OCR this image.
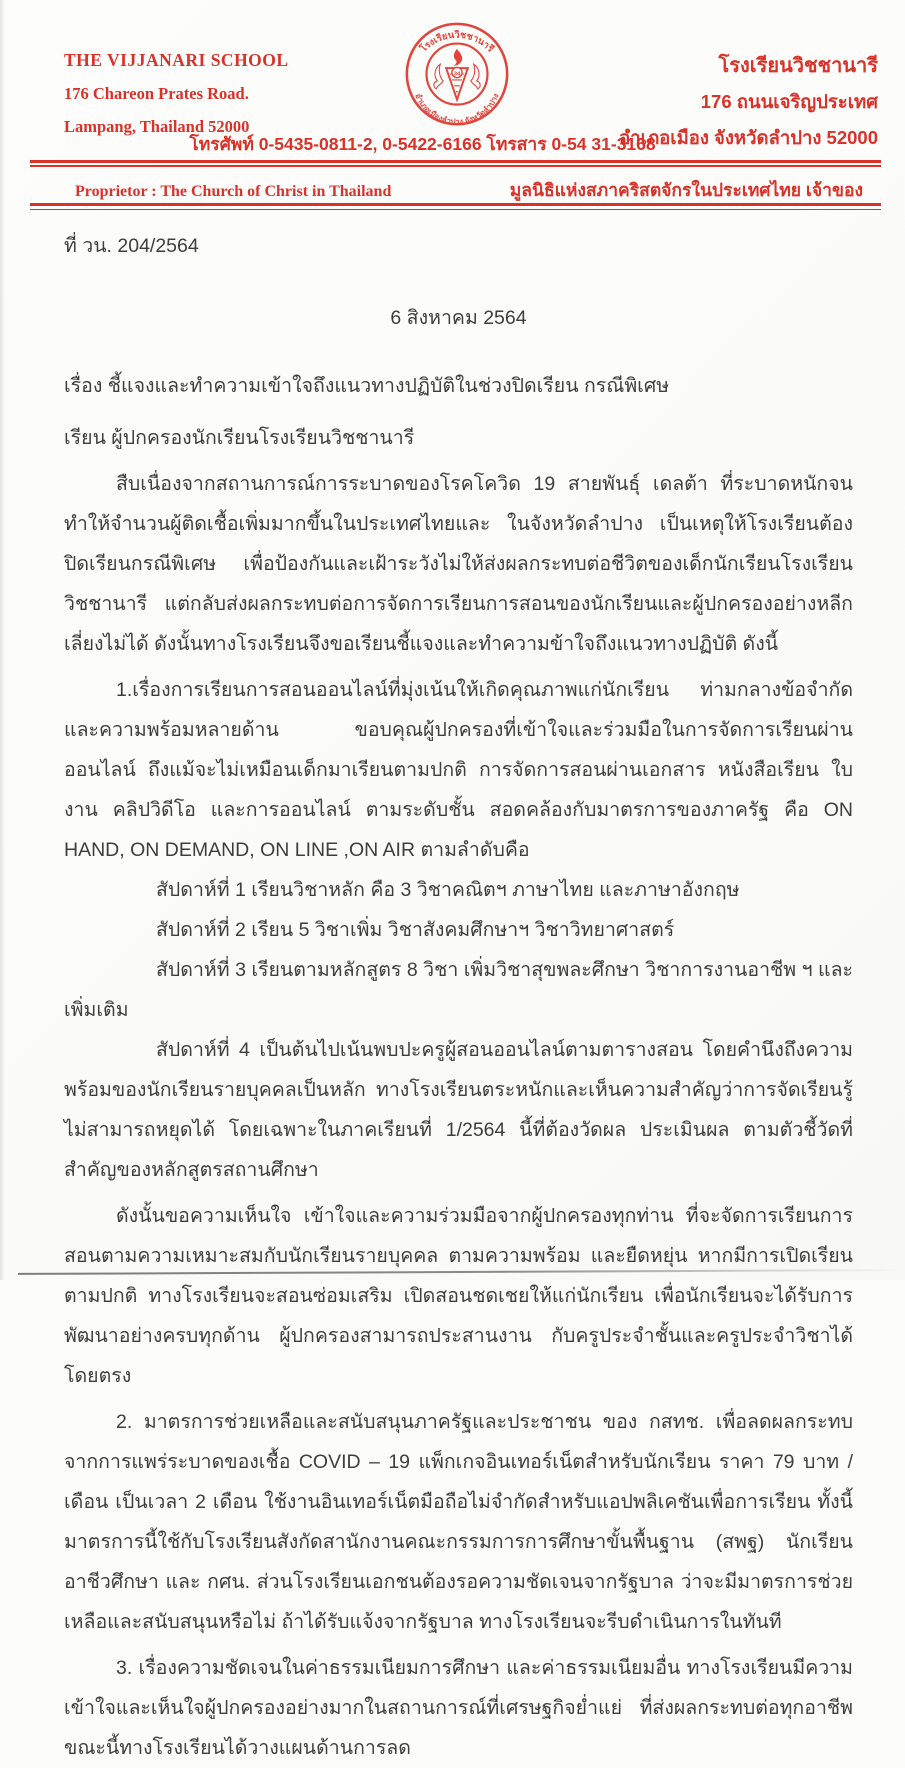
THE VIJJANARI SCHOOL
176 Chareon Prates Road.
Lampang, Thailand 52000
34
โรงเรียนวิชชานารี
อำเภอเมืองลำปาง จังหวัดลำปาง
โรงเรียนวิชชานารี
176 ถนนเจริญประเทศ
อำเภอเมือง จังหวัดลำปาง 52000
โทรศัพท์ 0-5435-0811-2, 0-5422-6166 โทรสาร 0-54 31-3168
Proprietor : The Church of Christ in Thailand	มูลนิธิแห่งสภาคริสตจักรในประเทศไทย เจ้าของ

ที่ วน. 204/2564

6 สิงหาคม 2564

เรื่อง ชี้แจงและทำความเข้าใจถึงแนวทางปฏิบัติในช่วงปิดเรียน กรณีพิเศษ

เรียน ผู้ปกครองนักเรียนโรงเรียนวิชชานารี

สืบเนื่องจากสถานการณ์การระบาดของโรคโควิด 19 สายพันธุ์ เดลต้า ที่ระบาดหนักจนทำให้จำนวนผู้ติดเชื้อเพิ่มมากขึ้นในประเทศไทยและ ในจังหวัดลำปาง เป็นเหตุให้โรงเรียนต้องปิดเรียนกรณีพิเศษ เพื่อป้องกันและเฝ้าระวังไม่ให้ส่งผลกระทบต่อชีวิตของเด็กนักเรียนโรงเรียนวิชชานารี แต่กลับส่งผลกระทบต่อการจัดการเรียนการสอนของนักเรียนและผู้ปกครองอย่างหลีกเลี่ยงไม่ได้ ดังนั้นทางโรงเรียนจึงขอเรียนชี้แจงและทำความข้าใจถึงแนวทางปฏิบัติ ดังนี้

1.เรื่องการเรียนการสอนออนไลน์ที่มุ่งเน้นให้เกิดคุณภาพแก่นักเรียน ท่ามกลางข้อจำกัด และความพร้อมหลายด้าน ขอบคุณผู้ปกครองที่เข้าใจและร่วมมือในการจัดการเรียนผ่านออนไลน์ ถึงแม้จะไม่เหมือนเด็กมาเรียนตามปกติ การจัดการสอนผ่านเอกสาร หนังสือเรียน ใบงาน คลิปวิดีโอ และการออนไลน์ ตามระดับชั้น สอดคล้องกับมาตรการของภาครัฐ คือ ON HAND, ON DEMAND, ON LINE ,ON AIR ตามลำดับคือ

สัปดาห์ที่ 1 เรียนวิชาหลัก คือ 3 วิชาคณิตฯ ภาษาไทย และภาษาอังกฤษ

สัปดาห์ที่ 2 เรียน 5 วิชาเพิ่ม วิชาสังคมศึกษาฯ วิชาวิทยาศาสตร์

สัปดาห์ที่ 3 เรียนตามหลักสูตร 8 วิชา เพิ่มวิชาสุขพละศึกษา วิชาการงานอาชีพ ฯ และเพิ่มเติม

สัปดาห์ที่ 4 เป็นต้นไปเน้นพบปะครูผู้สอนออนไลน์ตามตารางสอน โดยคำนึงถึงความพร้อมของนักเรียนรายบุคคลเป็นหลัก ทางโรงเรียนตระหนักและเห็นความสำคัญว่าการจัดเรียนรู้ไม่สามารถหยุดได้ โดยเฉพาะในภาคเรียนที่ 1/2564 นี้ที่ต้องวัดผล ประเมินผล ตามตัวชี้วัดที่สำคัญของหลักสูตรสถานศึกษา

ดังนั้นขอความเห็นใจ เข้าใจและความร่วมมือจากผู้ปกครองทุกท่าน ที่จะจัดการเรียนการสอนตามความเหมาะสมกับนักเรียนรายบุคคล ตามความพร้อม และยืดหยุ่น หากมีการเปิดเรียนตามปกติ ทางโรงเรียนจะสอนซ่อมเสริม เปิดสอนชดเชยให้แก่นักเรียน เพื่อนักเรียนจะได้รับการพัฒนาอย่างครบทุกด้าน ผู้ปกครองสามารถประสานงาน กับครูประจำชั้นและครูประจำวิชาได้โดยตรง

2. มาตรการช่วยเหลือและสนับสนุนภาครัฐและประชาชน ของ กสทช. เพื่อลดผลกระทบจากการแพร่ระบาดของเชื้อ COVID – 19 แพ็กเกจอินเทอร์เน็ตสำหรับนักเรียน ราคา 79 บาท / เดือน เป็นเวลา 2 เดือน ใช้งานอินเทอร์เน็ตมือถือไม่จำกัดสำหรับแอปพลิเคชันเพื่อการเรียน ทั้งนี้มาตรการนี้ใช้กับโรงเรียนสังกัดสานักงานคณะกรรมการการศึกษาขั้นพื้นฐาน (สพฐ) นักเรียนอาชีวศึกษา และ กศน. ส่วนโรงเรียนเอกชนต้องรอความชัดเจนจากรัฐบาล ว่าจะมีมาตรการช่วยเหลือและสนับสนุนหรือไม่ ถ้าได้รับแจ้งจากรัฐบาล ทางโรงเรียนจะรีบดำเนินการในทันที

3. เรื่องความชัดเจนในค่าธรรมเนียมการศึกษา และค่าธรรมเนียมอื่น ทางโรงเรียนมีความเข้าใจและเห็นใจผู้ปกครองอย่างมากในสถานการณ์ที่เศรษฐกิจย่ำแย่ ที่ส่งผลกระทบต่อทุกอาชีพ ขณะนี้ทางโรงเรียนได้วางแผนด้านการลด
